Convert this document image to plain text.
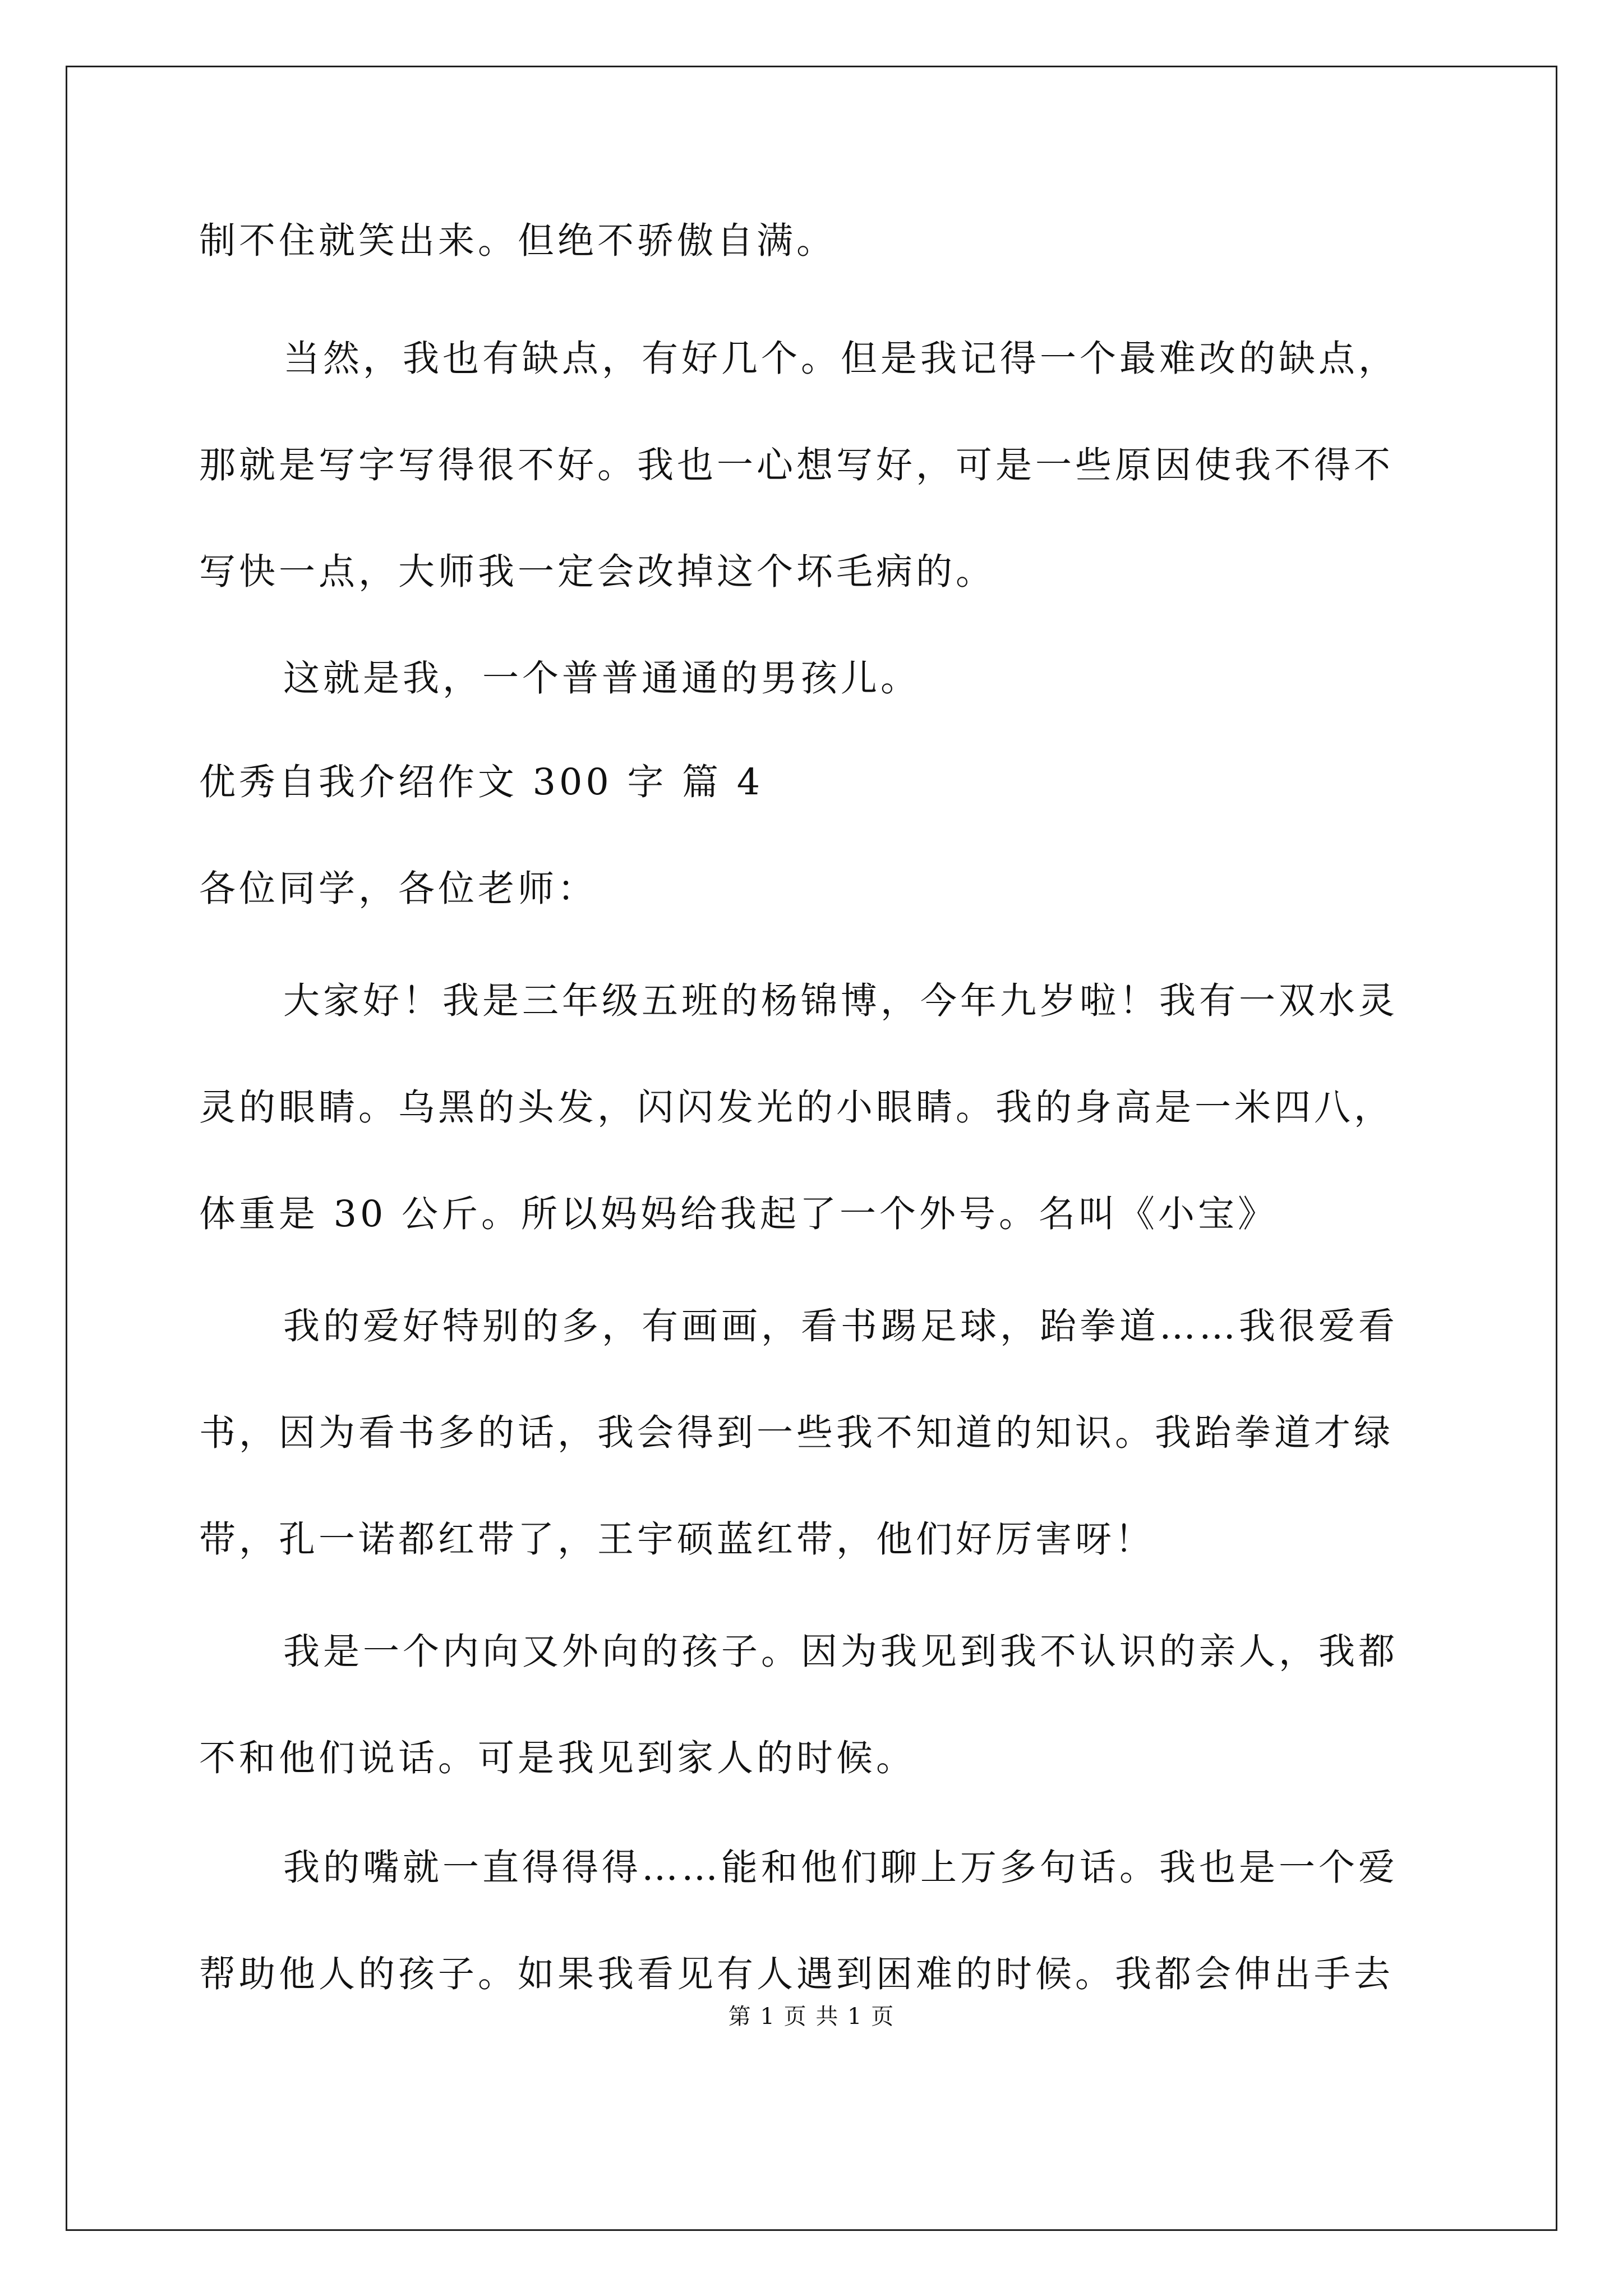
制不住就笑出来。但绝不骄傲自满。
当然，我也有缺点，有好几个。但是我记得一个最难改的缺点，
那就是写字写得很不好。我也一心想写好，可是一些原因使我不得不
写快一点，大师我一定会改掉这个坏毛病的。
这就是我，一个普普通通的男孩儿。
优秀自我介绍作文 300 字 篇 4
各位同学，各位老师：
大家好！我是三年级五班的杨锦博，今年九岁啦！我有一双水灵
灵的眼睛。乌黑的头发，闪闪发光的小眼睛。我的身高是一米四八，
体重是 30 公斤。所以妈妈给我起了一个外号。名叫《小宝》
我的爱好特别的多，有画画，看书踢足球，跆拳道……我很爱看
书，因为看书多的话，我会得到一些我不知道的知识。我跆拳道才绿
带，孔一诺都红带了，王宇硕蓝红带，他们好厉害呀！
我是一个内向又外向的孩子。因为我见到我不认识的亲人，我都
不和他们说话。可是我见到家人的时候。
我的嘴就一直得得得……能和他们聊上万多句话。我也是一个爱
帮助他人的孩子。如果我看见有人遇到困难的时候。我都会伸出手去
第 1 页 共 1 页
